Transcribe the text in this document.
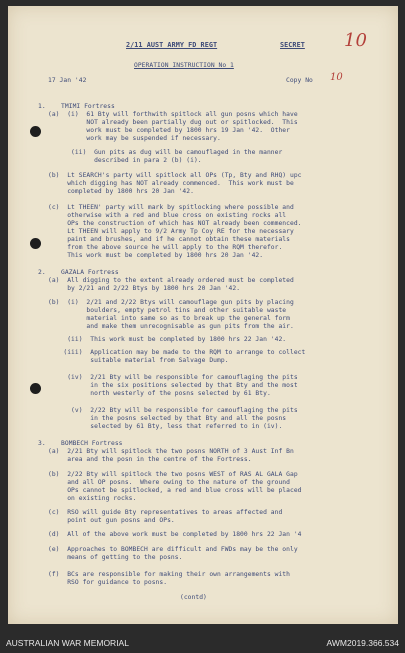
2/11 AUST ARMY FD REGT	SECRET 10
OPERATION INSTRUCTION No 1
17 Jan '42	Copy No 10
1.    TMIMI Fortress
(a)  (i)  61 Bty will forthwith spitlock all gun posns which have
NOT already been partially dug out or spitlocked.  This
work must be completed by 1800 hrs 19 Jan '42.  Other
work may be suspended if necessary.
(ii)  Gun pits as dug will be camouflaged in the manner
described in para 2 (b) (i).
(b)  Lt SEARCH's party will spitlock all OPs (Tp, Bty and RHQ) upc
which digging has NOT already commenced.  This work must be
completed by 1800 hrs 20 Jan '42.
(c)  Lt THEEN' party will mark by spitlocking where possible and
otherwise with a red and blue cross on existing rocks all
OPs the construction of which has NOT already been commenced.
Lt THEEN will apply to 9/2 Army Tp Coy RE for the necessary
paint and brushes, and if he cannot obtain these materials
from the above source he will apply to the RQM therefor.
This work must be completed by 1800 hrs 20 Jan '42.
2.    GAZALA Fortress
(a)  All digging to the extent already ordered must be completed
by 2/21 and 2/22 Btys by 1800 hrs 20 Jan '42.
(b)  (i)  2/21 and 2/22 Btys will camouflage gun pits by placing
boulders, empty petrol tins and other suitable waste
material into same so as to break up the general form
and make them unrecognisable as gun pits from the air.
(ii)  This work must be completed by 1800 hrs 22 Jan '42.
(iii)  Application may be made to the RQM to arrange to collect
suitable material from Salvage Dump.
(iv)  2/21 Bty will be responsible for camouflaging the pits
in the six positions selected by that Bty and the most
north westerly of the posns selected by 61 Bty.
(v)  2/22 Bty will be responsible for camouflaging the pits
in the posns selected by that Bty and all the posns
selected by 61 Bty, less that referred to in (iv).
3.    BOMBECH Fortress
(a)  2/21 Bty will spitlock the two posns NORTH of 3 Aust Inf Bn
area and the posn in the centre of the Fortress.
(b)  2/22 Bty will spitlock the two posns WEST of RAS AL GALA Gap
and all OP posns.  Where owing to the nature of the ground
OPs cannot be spitlocked, a red and blue cross will be placed
on existing rocks.
(c)  RSO will guide Bty representatives to areas affected and
point out gun posns and OPs.
(d)  All of the above work must be completed by 1800 hrs 22 Jan '4
(e)  Approaches to BOMBECH are difficult and FWDs may be the only
means of getting to the posns.
(f)  BCs are responsible for making their own arrangements with
RSO for guidance to posns.
(contd)
AUSTRALIAN WAR MEMORIAL	AWM2019.366.534
